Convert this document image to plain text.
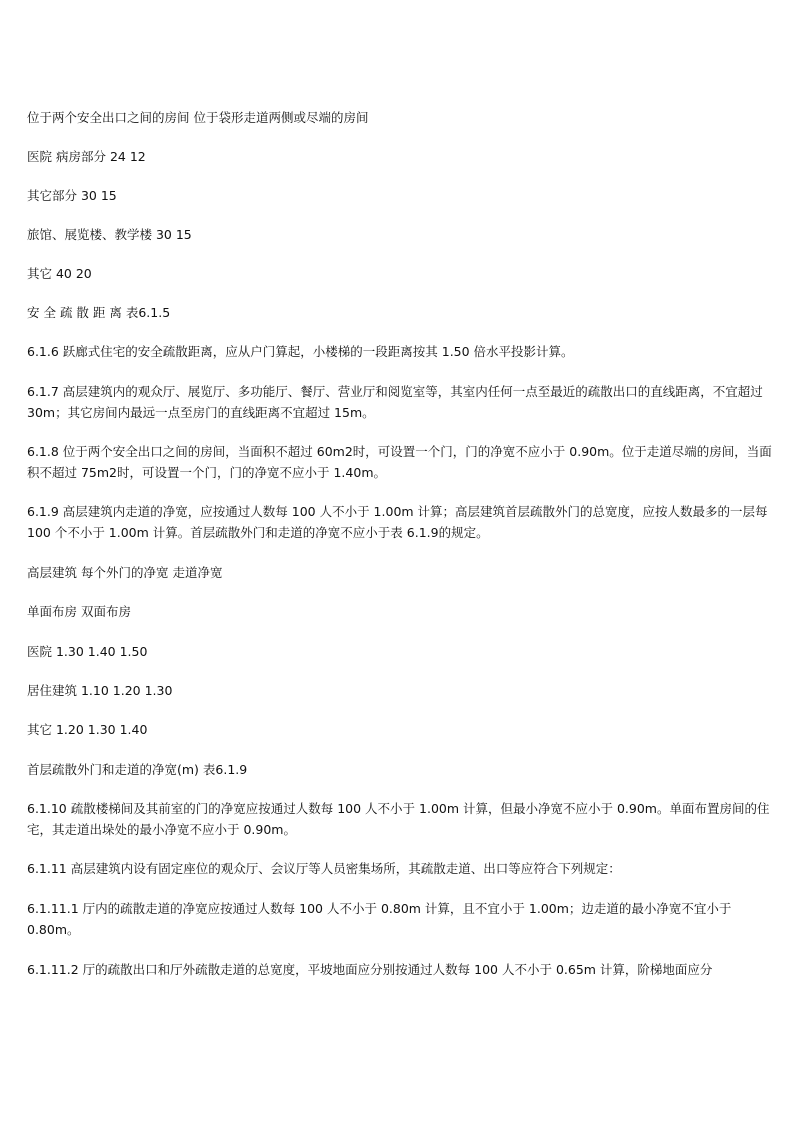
位于两个安全出口之间的房间 位于袋形走道两侧或尽端的房间

医院 病房部分 24 12

其它部分 30 15

旅馆、展览楼、教学楼 30 15

其它 40 20

安 全 疏 散 距 离 表6.1.5

6.1.6 跃廊式住宅的安全疏散距离，应从户门算起，小楼梯的一段距离按其 1.50 倍水平投影计算。

6.1.7 高层建筑内的观众厅、展览厅、多功能厅、餐厅、营业厅和阅览室等，其室内任何一点至最近的疏散出口的直线距离，不宜超过 30m；其它房间内最远一点至房门的直线距离不宜超过 15m。

6.1.8 位于两个安全出口之间的房间，当面积不超过 60m2时，可设置一个门，门的净宽不应小于 0.90m。位于走道尽端的房间，当面积不超过 75m2时，可设置一个门，门的净宽不应小于 1.40m。

6.1.9 高层建筑内走道的净宽，应按通过人数每 100 人不小于 1.00m 计算；高层建筑首层疏散外门的总宽度，应按人数最多的一层每 100 个不小于 1.00m 计算。首层疏散外门和走道的净宽不应小于表 6.1.9的规定。

高层建筑 每个外门的净宽 走道净宽

单面布房 双面布房

医院 1.30 1.40 1.50

居住建筑 1.10 1.20 1.30

其它 1.20 1.30 1.40

首层疏散外门和走道的净宽(m) 表6.1.9

6.1.10 疏散楼梯间及其前室的门的净宽应按通过人数每 100 人不小于 1.00m 计算，但最小净宽不应小于 0.90m。单面布置房间的住宅，其走道出垛处的最小净宽不应小于 0.90m。

6.1.11 高层建筑内设有固定座位的观众厅、会议厅等人员密集场所，其疏散走道、出口等应符合下列规定：

6.1.11.1 厅内的疏散走道的净宽应按通过人数每 100 人不小于 0.80m 计算，且不宜小于 1.00m；边走道的最小净宽不宜小于 0.80m。

6.1.11.2 厅的疏散出口和厅外疏散走道的总宽度，平坡地面应分别按通过人数每 100 人不小于 0.65m 计算，阶梯地面应分
